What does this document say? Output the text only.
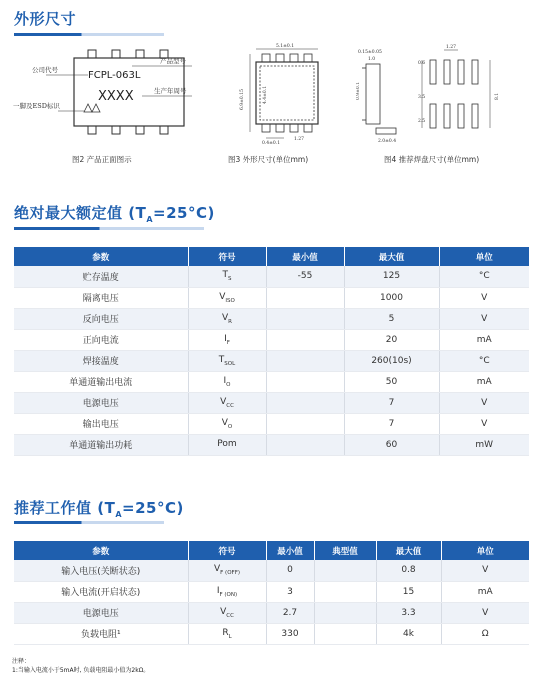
外形尺寸
FCPL-063L
XXXX
公司代号
一脚及ESD标识
产品型号
生产年周号
图2 产品正面图示
5.1±0.1
6.9±0.15	4.4±0.1
0.4±0.1
1.27
图3 外形尺寸(单位mm)
0.9±0.1
0.15±0.05
1.0
2.0±0.4
1.27
0.6
3.5
2.5
8.1
图4 推荐焊盘尺寸(单位mm)
绝对最大额定值 $(T_A=25^\circ C)$
参数	符号	最小值	最大值	单位
贮存温度	$T_S$	-55	125	°C
隔离电压	$V_{ISO}$		1000	V
反向电压	$V_R$		5	V
正向电流	$I_F$		20	mA
焊接温度	$T_{SOL}$		260(10s)	°C
单通道输出电流	$I_O$		50	mA
电源电压	$V_{CC}$		7	V
输出电压	$V_O$		7	V
单通道输出功耗	Pom		60	mW
推荐工作值 $(T_A=25^\circ C)$
参数	符号	最小值	典型值	最大值	单位
输入电压(关断状态)	$V_{F (OFF)}$	0		0.8	V
输入电流(开启状态)	$I_{F (ON)}$	3		15	mA
电源电压	$V_{CC}$	2.7		3.3	V
负载电阻¹	$R_L$	330		4k	Ω
注释：
1:当输入电流小于5mA时, 负载电阻最小值为2kΩ。
